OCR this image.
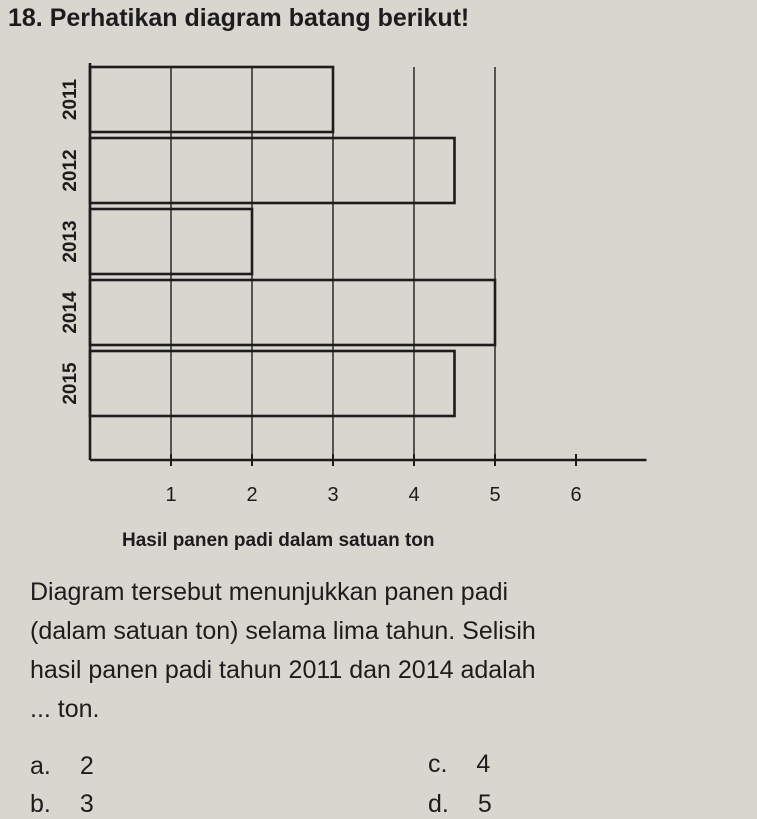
18. Perhatikan diagram batang berikut!
2011
2012
2013
2014
2015
1	2	3	4	5	6
Hasil panen padi dalam satuan ton
Diagram tersebut menunjukkan panen padi
(dalam satuan ton) selama lima tahun. Selisih
hasil panen padi tahun 2011 dan 2014 adalah
... ton.
a. 2	c. 4
b. 3	d. 5
